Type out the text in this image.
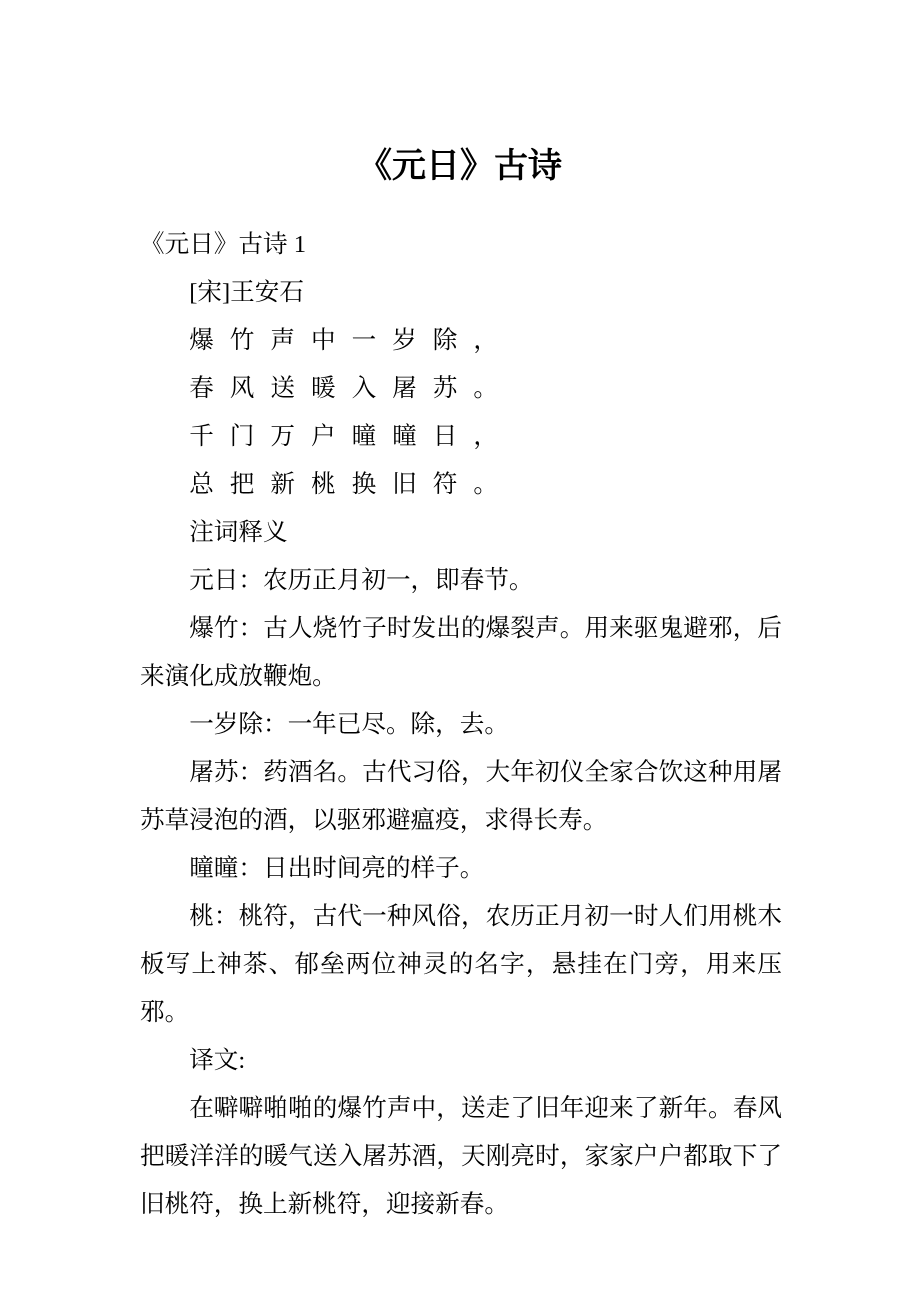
《元日》古诗

《元日》古诗 1

[宋]王安石

爆竹声中一岁除，

春风送暖入屠苏。

千门万户曈曈日，

总把新桃换旧符。

注词释义

元日：农历正月初一，即春节。

爆竹：古人烧竹子时发出的爆裂声。用来驱鬼避邪，后来演化成放鞭炮。

一岁除：一年已尽。除，去。

屠苏：药酒名。古代习俗，大年初仪全家合饮这种用屠苏草浸泡的酒，以驱邪避瘟疫，求得长寿。

曈曈：日出时间亮的样子。

桃：桃符，古代一种风俗，农历正月初一时人们用桃木板写上神茶、郁垒两位神灵的名字，悬挂在门旁，用来压邪。

译文:

在噼噼啪啪的爆竹声中，送走了旧年迎来了新年。春风把暖洋洋的暖气送入屠苏酒，天刚亮时，家家户户都取下了旧桃符，换上新桃符，迎接新春。
